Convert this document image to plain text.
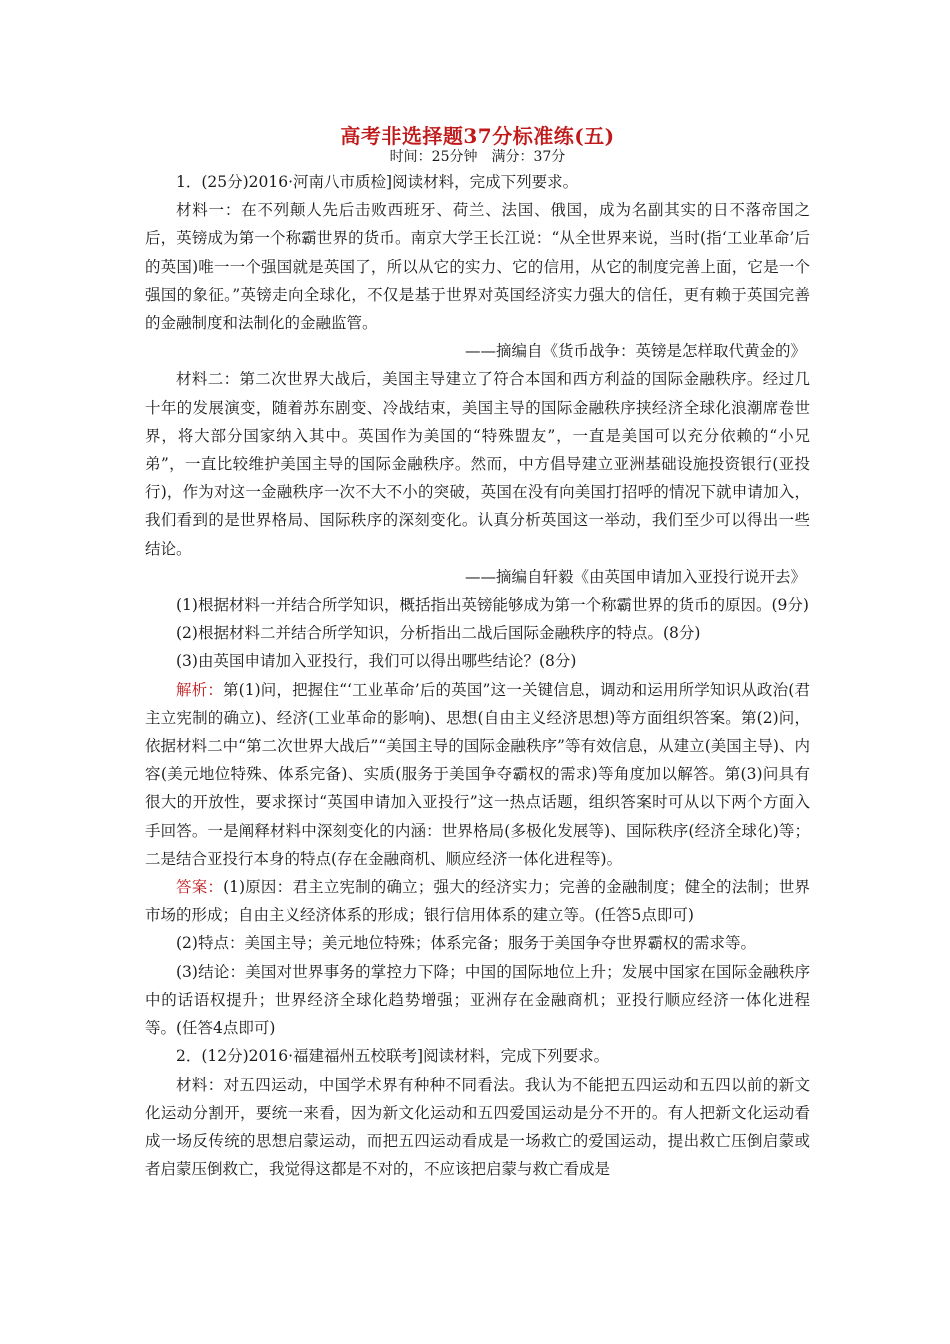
高考非选择题37分标准练(五)
时间：25分钟　满分：37分

1．(25分)2016·河南八市质检]阅读材料，完成下列要求。

材料一：在不列颠人先后击败西班牙、荷兰、法国、俄国，成为名副其实的日不落帝国之后，英镑成为第一个称霸世界的货币。南京大学王长江说：“从全世界来说，当时(指‘工业革命’后的英国)唯一一个强国就是英国了，所以从它的实力、它的信用，从它的制度完善上面，它是一个强国的象征。”英镑走向全球化，不仅是基于世界对英国经济实力强大的信任，更有赖于英国完善的金融制度和法制化的金融监管。

——摘编自《货币战争：英镑是怎样取代黄金的》

材料二：第二次世界大战后，美国主导建立了符合本国和西方利益的国际金融秩序。经过几十年的发展演变，随着苏东剧变、冷战结束，美国主导的国际金融秩序挟经济全球化浪潮席卷世界，将大部分国家纳入其中。英国作为美国的“特殊盟友”，一直是美国可以充分依赖的“小兄弟”，一直比较维护美国主导的国际金融秩序。然而，中方倡导建立亚洲基础设施投资银行(亚投行)，作为对这一金融秩序一次不大不小的突破，英国在没有向美国打招呼的情况下就申请加入，我们看到的是世界格局、国际秩序的深刻变化。认真分析英国这一举动，我们至少可以得出一些结论。

——摘编自轩毅《由英国申请加入亚投行说开去》

(1)根据材料一并结合所学知识，概括指出英镑能够成为第一个称霸世界的货币的原因。(9分)

(2)根据材料二并结合所学知识，分析指出二战后国际金融秩序的特点。(8分)

(3)由英国申请加入亚投行，我们可以得出哪些结论？(8分)

解析：第(1)问，把握住“‘工业革命’后的英国”这一关键信息，调动和运用所学知识从政治(君主立宪制的确立)、经济(工业革命的影响)、思想(自由主义经济思想)等方面组织答案。第(2)问，依据材料二中“第二次世界大战后”“美国主导的国际金融秩序”等有效信息，从建立(美国主导)、内容(美元地位特殊、体系完备)、实质(服务于美国争夺霸权的需求)等角度加以解答。第(3)问具有很大的开放性，要求探讨“英国申请加入亚投行”这一热点话题，组织答案时可从以下两个方面入手回答。一是阐释材料中深刻变化的内涵：世界格局(多极化发展等)、国际秩序(经济全球化)等；二是结合亚投行本身的特点(存在金融商机、顺应经济一体化进程等)。

答案：(1)原因：君主立宪制的确立；强大的经济实力；完善的金融制度；健全的法制；世界市场的形成；自由主义经济体系的形成；银行信用体系的建立等。(任答5点即可)

(2)特点：美国主导；美元地位特殊；体系完备；服务于美国争夺世界霸权的需求等。

(3)结论：美国对世界事务的掌控力下降；中国的国际地位上升；发展中国家在国际金融秩序中的话语权提升；世界经济全球化趋势增强；亚洲存在金融商机；亚投行顺应经济一体化进程等。(任答4点即可)

2．(12分)2016·福建福州五校联考]阅读材料，完成下列要求。

材料：对五四运动，中国学术界有种种不同看法。我认为不能把五四运动和五四以前的新文化运动分割开，要统一来看，因为新文化运动和五四爱国运动是分不开的。有人把新文化运动看成一场反传统的思想启蒙运动，而把五四运动看成是一场救亡的爱国运动，提出救亡压倒启蒙或者启蒙压倒救亡，我觉得这都是不对的，不应该把启蒙与救亡看成是
